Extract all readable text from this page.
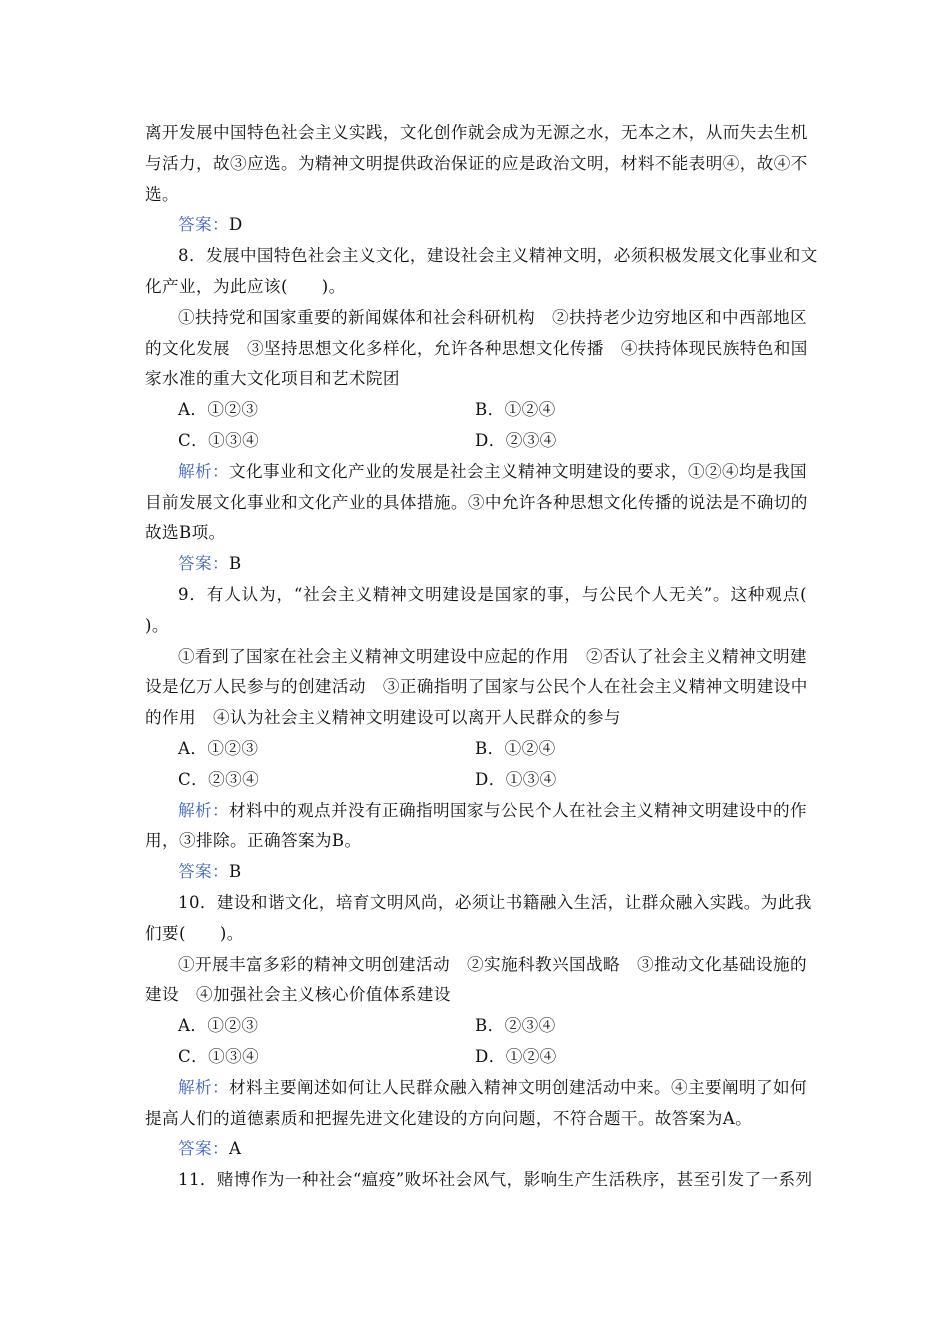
离开发展中国特色社会主义实践，文化创作就会成为无源之水，无本之木，从而失去生机
与活力，故③应选。为精神文明提供政治保证的应是政治文明，材料不能表明④，故④不
选。
答案：D
8．发展中国特色社会主义文化，建设社会主义精神文明，必须积极发展文化事业和文
化产业，为此应该(　　)。
①扶持党和国家重要的新闻媒体和社会科研机构　②扶持老少边穷地区和中西部地区
的文化发展　③坚持思想文化多样化，允许各种思想文化传播　④扶持体现民族特色和国
家水准的重大文化项目和艺术院团
A．①②③	B．①②④
C．①③④	D．②③④
解析：文化事业和文化产业的发展是社会主义精神文明建设的要求，①②④均是我国
目前发展文化事业和文化产业的具体措施。③中允许各种思想文化传播的说法是不确切的
故选B项。
答案：B
9．有人认为，“社会主义精神文明建设是国家的事，与公民个人无关”。这种观点(
)。
①看到了国家在社会主义精神文明建设中应起的作用　②否认了社会主义精神文明建
设是亿万人民参与的创建活动　③正确指明了国家与公民个人在社会主义精神文明建设中
的作用　④认为社会主义精神文明建设可以离开人民群众的参与
A．①②③	B．①②④
C．②③④	D．①③④
解析：材料中的观点并没有正确指明国家与公民个人在社会主义精神文明建设中的作
用，③排除。正确答案为B。
答案：B
10．建设和谐文化，培育文明风尚，必须让书籍融入生活，让群众融入实践。为此我
们要(　　)。
①开展丰富多彩的精神文明创建活动　②实施科教兴国战略　③推动文化基础设施的
建设　④加强社会主义核心价值体系建设
A．①②③	B．②③④
C．①③④	D．①②④
解析：材料主要阐述如何让人民群众融入精神文明创建活动中来。④主要阐明了如何
提高人们的道德素质和把握先进文化建设的方向问题，不符合题干。故答案为A。
答案：A
11．赌博作为一种社会“瘟疫”败坏社会风气，影响生产生活秩序，甚至引发了一系列
